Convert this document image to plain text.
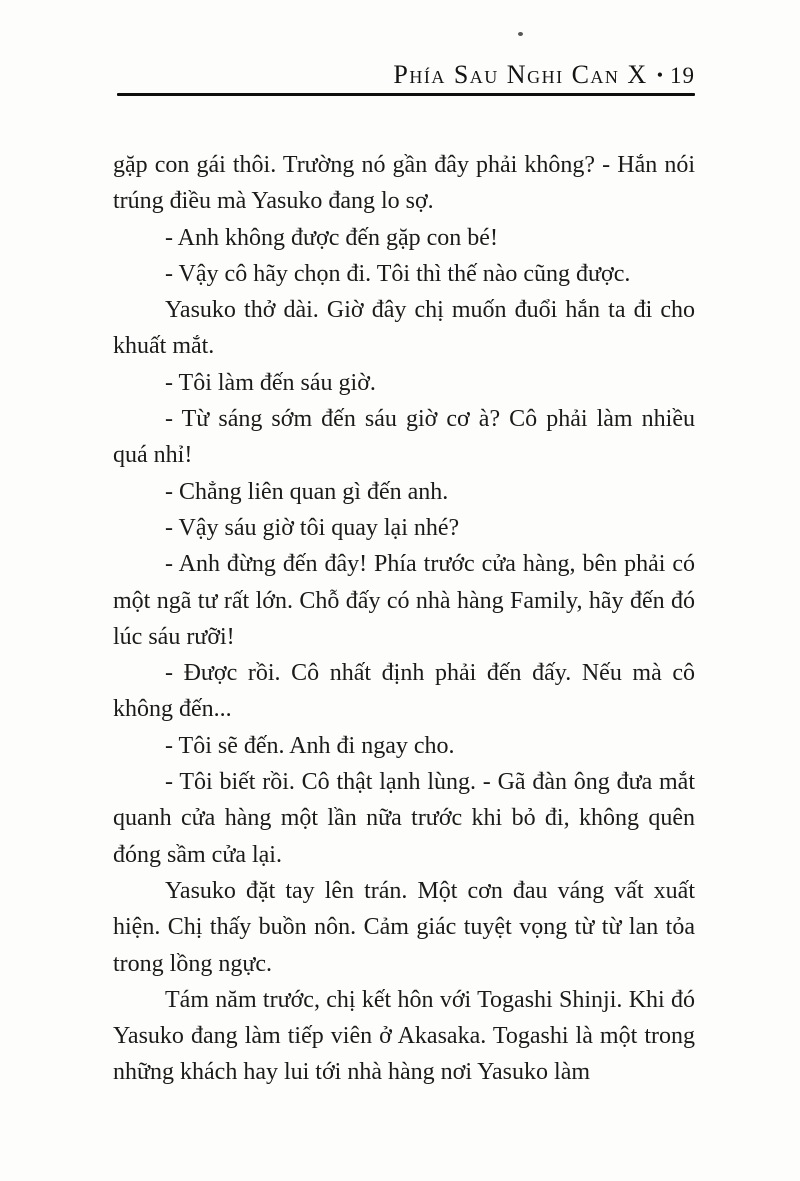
Phía Sau Nghi Can X • 19

gặp con gái thôi. Trường nó gần đây phải không? - Hắn nói trúng điều mà Yasuko đang lo sợ.

- Anh không được đến gặp con bé!

- Vậy cô hãy chọn đi. Tôi thì thế nào cũng được.

Yasuko thở dài. Giờ đây chị muốn đuổi hắn ta đi cho khuất mắt.

- Tôi làm đến sáu giờ.

- Từ sáng sớm đến sáu giờ cơ à? Cô phải làm nhiều quá nhỉ!

- Chẳng liên quan gì đến anh.

- Vậy sáu giờ tôi quay lại nhé?

- Anh đừng đến đây! Phía trước cửa hàng, bên phải có một ngã tư rất lớn. Chỗ đấy có nhà hàng Family, hãy đến đó lúc sáu rưỡi!

- Được rồi. Cô nhất định phải đến đấy. Nếu mà cô không đến...

- Tôi sẽ đến. Anh đi ngay cho.

- Tôi biết rồi. Cô thật lạnh lùng. - Gã đàn ông đưa mắt quanh cửa hàng một lần nữa trước khi bỏ đi, không quên đóng sầm cửa lại.

Yasuko đặt tay lên trán. Một cơn đau váng vất xuất hiện. Chị thấy buồn nôn. Cảm giác tuyệt vọng từ từ lan tỏa trong lồng ngực.

Tám năm trước, chị kết hôn với Togashi Shinji. Khi đó Yasuko đang làm tiếp viên ở Akasaka. Togashi là một trong những khách hay lui tới nhà hàng nơi Yasuko làm
